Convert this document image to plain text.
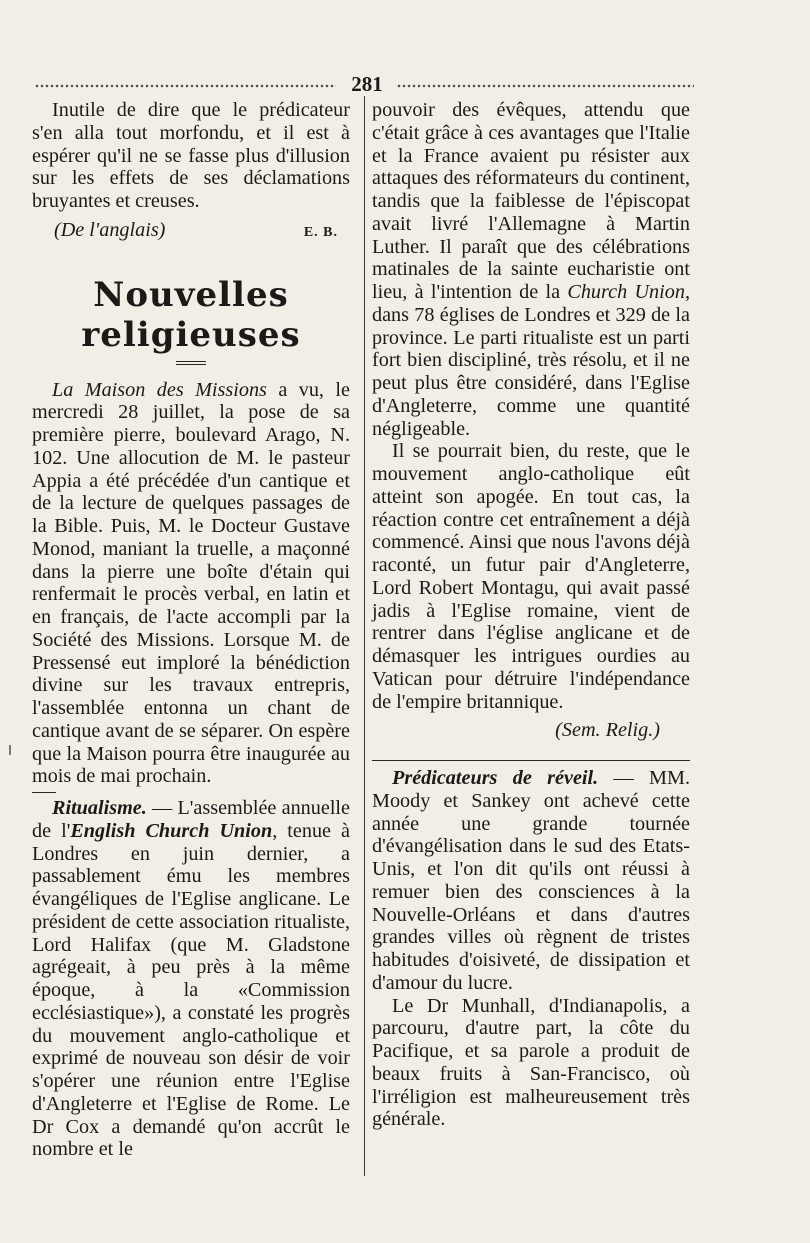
281

Inutile de dire que le prédicateur s'en alla tout morfondu, et il est à espérer qu'il ne se fasse plus d'illusion sur les effets de ses déclamations bruyantes et creuses.

(De l'anglais)	E. B.
Nouvelles religieuses

La Maison des Missions a vu, le mercredi 28 juillet, la pose de sa première pierre, boulevard Arago, N. 102. Une allocution de M. le pasteur Appia a été précédée d'un cantique et de la lecture de quelques passages de la Bible. Puis, M. le Docteur Gustave Monod, maniant la truelle, a maçonné dans la pierre une boîte d'étain qui renfermait le procès verbal, en latin et en français, de l'acte accompli par la Société des Missions. Lorsque M. de Pressensé eut imploré la bénédiction divine sur les travaux entrepris, l'assemblée entonna un chant de cantique avant de se séparer. On espère que la Maison pourra être inaugurée au mois de mai prochain.

Ritualisme. — L'assemblée annuelle de l'English Church Union, tenue à Londres en juin dernier, a passablement ému les membres évangéliques de l'Eglise anglicane. Le président de cette association ritualiste, Lord Halifax (que M. Gladstone agrégeait, à peu près à la même époque, à la «Commission ecclésiastique»), a constaté les progrès du mouvement anglo-catholique et exprimé de nouveau son désir de voir s'opérer une réunion entre l'Eglise d'Angleterre et l'Eglise de Rome. Le Dr Cox a demandé qu'on accrût le nombre et le

pouvoir des évêques, attendu que c'était grâce à ces avantages que l'Italie et la France avaient pu résister aux attaques des réformateurs du continent, tandis que la faiblesse de l'épiscopat avait livré l'Allemagne à Martin Luther. Il paraît que des célébrations matinales de la sainte eucharistie ont lieu, à l'intention de la Church Union, dans 78 églises de Londres et 329 de la province. Le parti ritualiste est un parti fort bien discipliné, très résolu, et il ne peut plus être considéré, dans l'Eglise d'Angleterre, comme une quantité négligeable.

Il se pourrait bien, du reste, que le mouvement anglo-catholique eût atteint son apogée. En tout cas, la réaction contre cet entraînement a déjà commencé. Ainsi que nous l'avons déjà raconté, un futur pair d'Angleterre, Lord Robert Montagu, qui avait passé jadis à l'Eglise romaine, vient de rentrer dans l'église anglicane et de démasquer les intrigues ourdies au Vatican pour détruire l'indépendance de l'empire britannique.

(Sem. Relig.)

Prédicateurs de réveil. — MM. Moody et Sankey ont achevé cette année une grande tournée d'évangélisation dans le sud des Etats-Unis, et l'on dit qu'ils ont réussi à remuer bien des consciences à la Nouvelle-Orléans et dans d'autres grandes villes où règnent de tristes habitudes d'oisiveté, de dissipation et d'amour du lucre.

Le Dr Munhall, d'Indianapolis, a parcouru, d'autre part, la côte du Pacifique, et sa parole a produit de beaux fruits à San-Francisco, où l'irréligion est malheureusement très générale.
